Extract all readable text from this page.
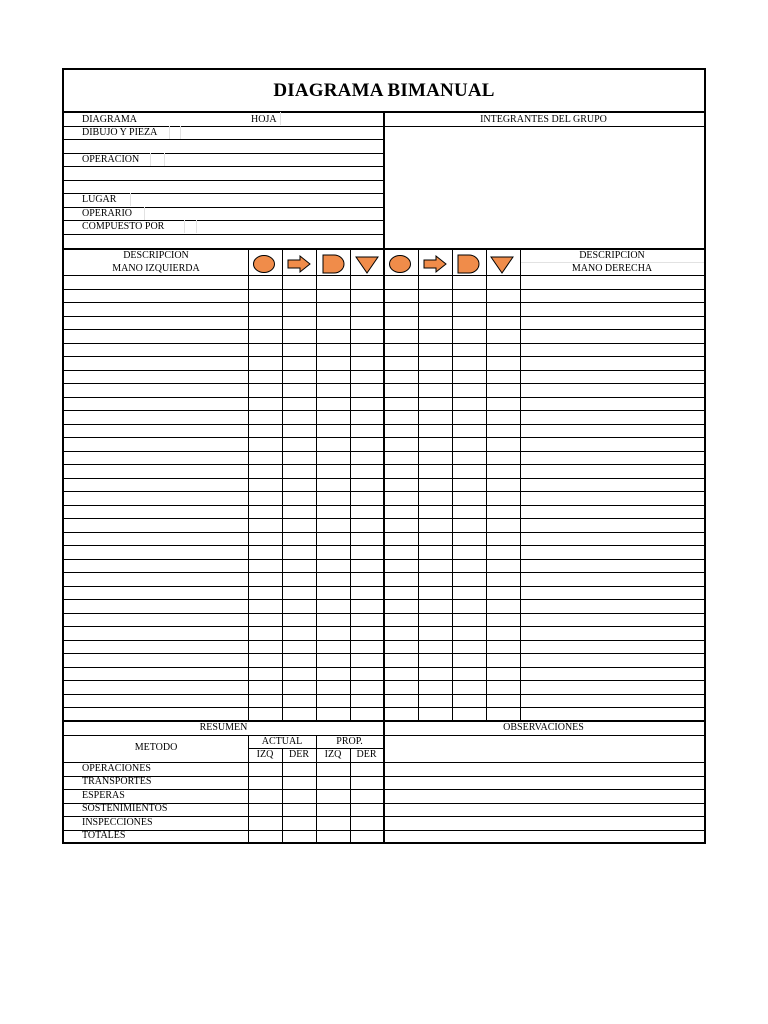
DIAGRAMA BIMANUAL
DIAGRAMA	HOJA
DIBUJO Y PIEZA
OPERACION
LUGAR
OPERARIO
COMPUESTO POR
INTEGRANTES DEL GRUPO
DESCRIPCION
MANO IZQUIERDA
DESCRIPCION
MANO DERECHA
RESUMEN	OBSERVACIONES
METODO
ACTUAL	PROP.
IZQ	DER	IZQ	DER
OPERACIONES
TRANSPORTES
ESPERAS
SOSTENIMIENTOS
INSPECCIONES
TOTALES
